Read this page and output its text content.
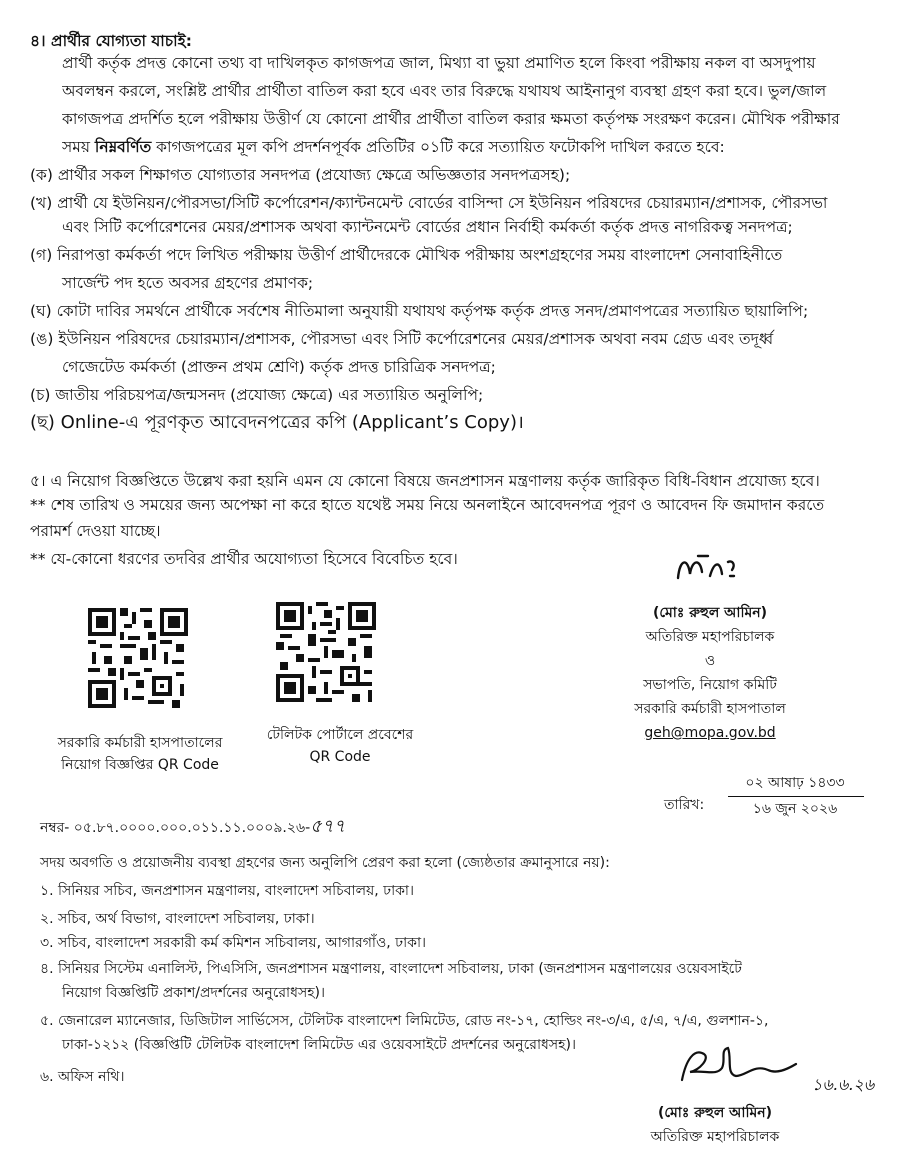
৪। প্রার্থীর যোগ্যতা যাচাই:
প্রার্থী কর্তৃক প্রদত্ত কোনো তথ্য বা দাখিলকৃত কাগজপত্র জাল, মিথ্যা বা ভুয়া প্রমাণিত হলে কিংবা পরীক্ষায় নকল বা অসদুপায়
অবলম্বন করলে, সংশ্লিষ্ট প্রার্থীর প্রার্থীতা বাতিল করা হবে এবং তার বিরুদ্ধে যথাযথ আইনানুগ ব্যবস্থা গ্রহণ করা হবে। ভুল/জাল
কাগজপত্র প্রদর্শিত হলে পরীক্ষায় উত্তীর্ণ যে কোনো প্রার্থীর প্রার্থীতা বাতিল করার ক্ষমতা কর্তৃপক্ষ সংরক্ষণ করেন। মৌখিক পরীক্ষার
সময় নিম্নবর্ণিত কাগজপত্রের মূল কপি প্রদর্শনপূর্বক প্রতিটির ০১টি করে সত্যায়িত ফটোকপি দাখিল করতে হবে:
(ক) প্রার্থীর সকল শিক্ষাগত যোগ্যতার সনদপত্র (প্রযোজ্য ক্ষেত্রে অভিজ্ঞতার সনদপত্রসহ);
(খ) প্রার্থী যে ইউনিয়ন/পৌরসভা/সিটি কর্পোরেশন/ক্যান্টনমেন্ট বোর্ডের বাসিন্দা সে ইউনিয়ন পরিষদের চেয়ারম্যান/প্রশাসক, পৌরসভা
এবং সিটি কর্পোরেশনের মেয়র/প্রশাসক অথবা ক্যান্টনমেন্ট বোর্ডের প্রধান নির্বাহী কর্মকর্তা কর্তৃক প্রদত্ত নাগরিকত্ব সনদপত্র;
(গ) নিরাপত্তা কর্মকর্তা পদে লিখিত পরীক্ষায় উত্তীর্ণ প্রার্থীদেরকে মৌখিক পরীক্ষায় অংশগ্রহণের সময় বাংলাদেশ সেনাবাহিনীতে
সার্জেন্ট পদ হতে অবসর গ্রহণের প্রমাণক;
(ঘ) কোটা দাবির সমর্থনে প্রার্থীকে সর্বশেষ নীতিমালা অনুযায়ী যথাযথ কর্তৃপক্ষ কর্তৃক প্রদত্ত সনদ/প্রমাণপত্রের সত্যায়িত ছায়ালিপি;
(ঙ) ইউনিয়ন পরিষদের চেয়ারম্যান/প্রশাসক, পৌরসভা এবং সিটি কর্পোরেশনের মেয়র/প্রশাসক অথবা নবম গ্রেড এবং তদূর্ধ্ব
গেজেটেড কর্মকর্তা (প্রাক্তন প্রথম শ্রেণি) কর্তৃক প্রদত্ত চারিত্রিক সনদপত্র;
(চ) জাতীয় পরিচয়পত্র/জন্মসনদ (প্রযোজ্য ক্ষেত্রে) এর সত্যায়িত অনুলিপি;
(ছ) Online-এ পূরণকৃত আবেদনপত্রের কপি (Applicant’s Copy)।
৫। এ নিয়োগ বিজ্ঞপ্তিতে উল্লেখ করা হয়নি এমন যে কোনো বিষয়ে জনপ্রশাসন মন্ত্রণালয় কর্তৃক জারিকৃত বিধি-বিধান প্রযোজ্য হবে।
** শেষ তারিখ ও সময়ের জন্য অপেক্ষা না করে হাতে যথেষ্ট সময় নিয়ে অনলাইনে আবেদনপত্র পূরণ ও আবেদন ফি জমাদান করতে
পরামর্শ দেওয়া যাচ্ছে।
** যে-কোনো ধরণের তদবির প্রার্থীর অযোগ্যতা হিসেবে বিবেচিত হবে।
সরকারি কর্মচারী হাসপাতালের
নিয়োগ বিজ্ঞপ্তির QR Code
টেলিটক পোর্টালে প্রবেশের
QR Code
(মোঃ রুহুল আমিন)
অতিরিক্ত মহাপরিচালক
ও
সভাপতি, নিয়োগ কমিটি
সরকারি কর্মচারী হাসপাতাল
geh@mopa.gov.bd
নম্বর- ০৫.৮৭.০০০০.০০০.০১১.১১.০০০৯.২৬-৫৭৭
তারিখ:
০২ আষাঢ় ১৪৩৩
১৬ জুন ২০২৬
সদয় অবগতি ও প্রয়োজনীয় ব্যবস্থা গ্রহণের জন্য অনুলিপি প্রেরণ করা হলো (জ্যেষ্ঠতার ক্রমানুসারে নয়):
১. সিনিয়র সচিব, জনপ্রশাসন মন্ত্রণালয়, বাংলাদেশ সচিবালয়, ঢাকা।
২. সচিব, অর্থ বিভাগ, বাংলাদেশ সচিবালয়, ঢাকা।
৩. সচিব, বাংলাদেশ সরকারী কর্ম কমিশন সচিবালয়, আগারগাঁও, ঢাকা।
৪. সিনিয়র সিস্টেম এনালিস্ট, পিএসিসি, জনপ্রশাসন মন্ত্রণালয়, বাংলাদেশ সচিবালয়, ঢাকা (জনপ্রশাসন মন্ত্রণালয়ের ওয়েবসাইটে
নিয়োগ বিজ্ঞপ্তিটি প্রকাশ/প্রদর্শনের অনুরোধসহ)।
৫. জেনারেল ম্যানেজার, ডিজিটাল সার্ভিসেস, টেলিটক বাংলাদেশ লিমিটেড, রোড নং-১৭, হোল্ডিং নং-৩/এ, ৫/এ, ৭/এ, গুলশান-১,
ঢাকা-১২১২ (বিজ্ঞপ্তিটি টেলিটক বাংলাদেশ লিমিটেড এর ওয়েবসাইটে প্রদর্শনের অনুরোধসহ)।
৬. অফিস নথি।	১৬.৬.২৬
(মোঃ রুহুল আমিন)
অতিরিক্ত মহাপরিচালক
